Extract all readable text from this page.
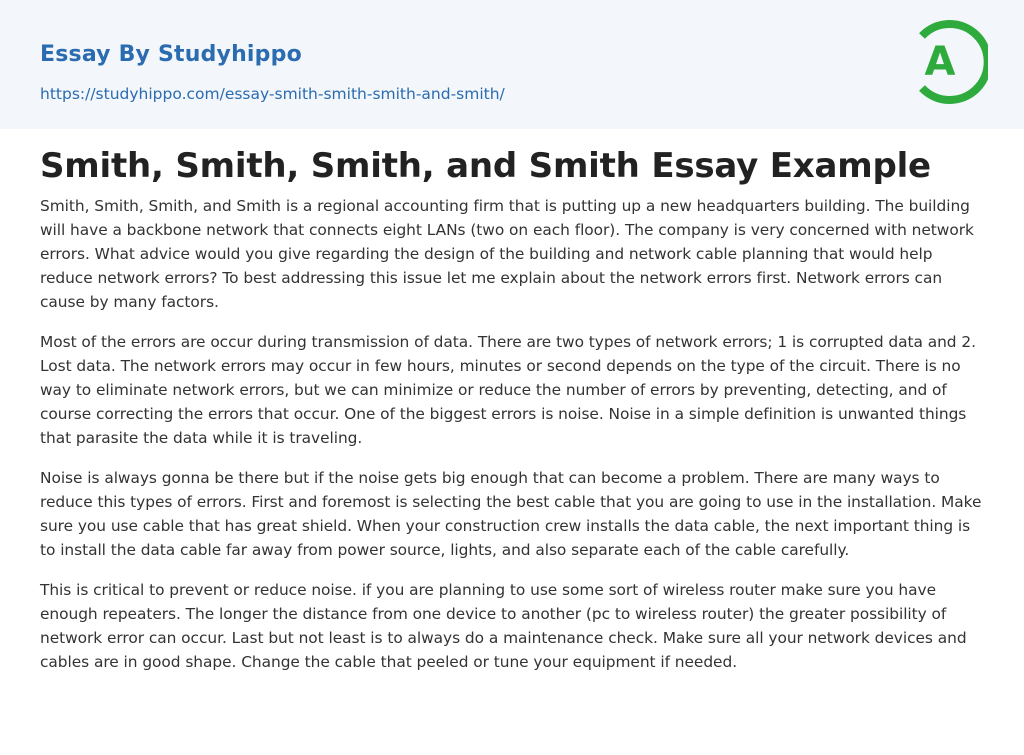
Essay By Studyhippo
https://studyhippo.com/essay-smith-smith-smith-and-smith/
A
Smith, Smith, Smith, and Smith Essay Example

Smith, Smith, Smith, and Smith is a regional accounting firm that is putting up a new headquarters building. The building will have a backbone network that connects eight LANs (two on each floor). The company is very concerned with network errors. What advice would you give regarding the design of the building and network cable planning that would help reduce network errors? To best addressing this issue let me explain about the network errors first. Network errors can cause by many factors.

Most of the errors are occur during transmission of data. There are two types of network errors; 1 is corrupted data and 2. Lost data. The network errors may occur in few hours, minutes or second depends on the type of the circuit. There is no way to eliminate network errors, but we can minimize or reduce the number of errors by preventing, detecting, and of course correcting the errors that occur. One of the biggest errors is noise. Noise in a simple definition is unwanted things that parasite the data while it is traveling.

Noise is always gonna be there but if the noise gets big enough that can become a problem. There are many ways to reduce this types of errors. First and foremost is selecting the best cable that you are going to use in the installation. Make sure you use cable that has great shield. When your construction crew installs the data cable, the next important thing is to install the data cable far away from power source, lights, and also separate each of the cable carefully.

This is critical to prevent or reduce noise. if you are planning to use some sort of wireless router make sure you have enough repeaters. The longer the distance from one device to another (pc to wireless router) the greater possibility of network error can occur. Last but not least is to always do a maintenance check. Make sure all your network devices and cables are in good shape. Change the cable that peeled or tune your equipment if needed.
